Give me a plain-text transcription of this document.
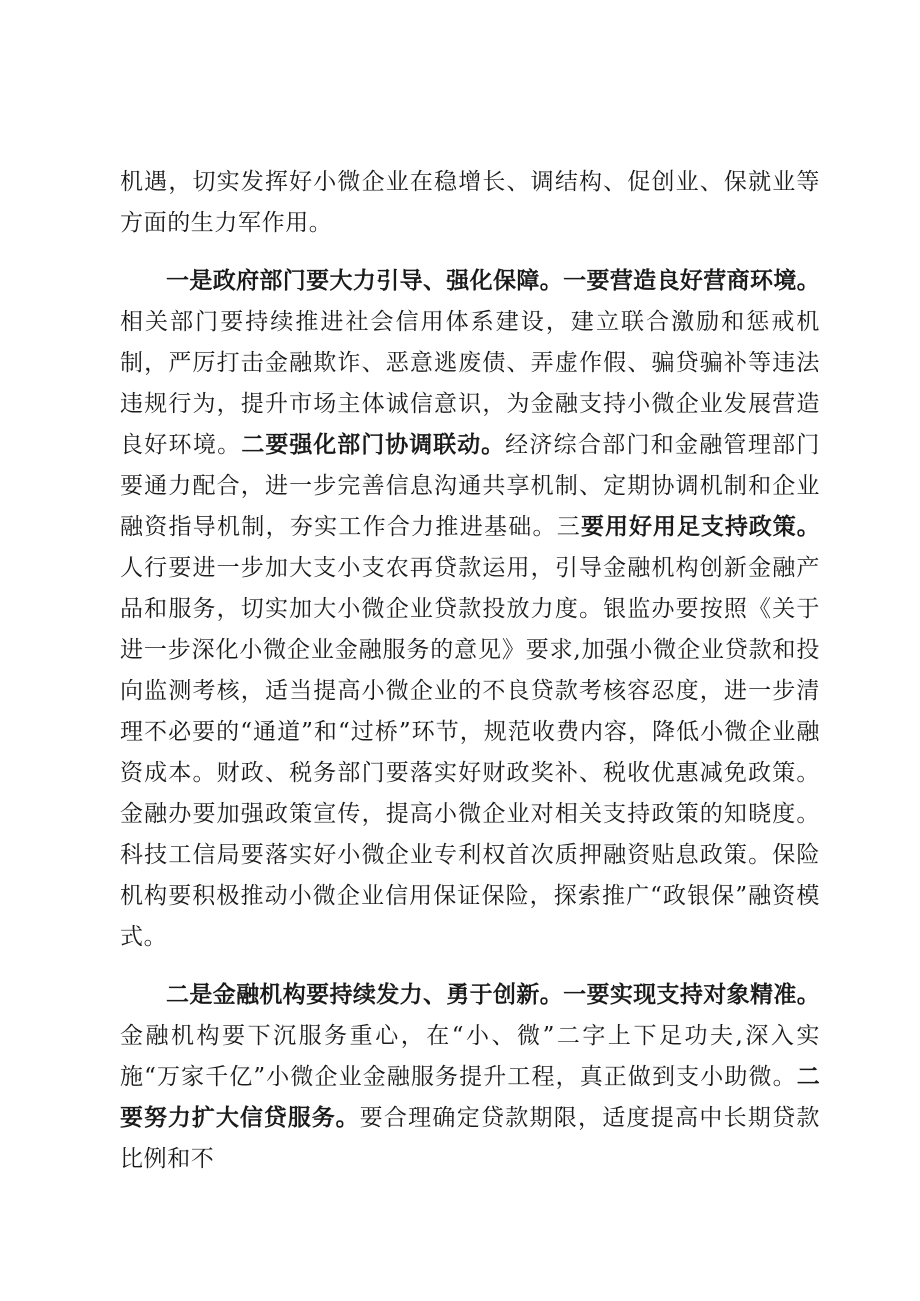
机遇，切实发挥好小微企业在稳增长、调结构、促创业、保就业等方面的生力军作用。

一是政府部门要大力引导、强化保障。一要营造良好营商环境。相关部门要持续推进社会信用体系建设，建立联合激励和惩戒机制，严厉打击金融欺诈、恶意逃废债、弄虚作假、骗贷骗补等违法违规行为，提升市场主体诚信意识，为金融支持小微企业发展营造良好环境。二要强化部门协调联动。经济综合部门和金融管理部门要通力配合，进一步完善信息沟通共享机制、定期协调机制和企业融资指导机制，夯实工作合力推进基础。三要用好用足支持政策。人行要进一步加大支小支农再贷款运用，引导金融机构创新金融产品和服务，切实加大小微企业贷款投放力度。银监办要按照《关于进一步深化小微企业金融服务的意见》要求,加强小微企业贷款和投向监测考核，适当提高小微企业的不良贷款考核容忍度，进一步清理不必要的“通道”和“过桥”环节，规范收费内容，降低小微企业融资成本。财政、税务部门要落实好财政奖补、税收优惠减免政策。金融办要加强政策宣传，提高小微企业对相关支持政策的知晓度。科技工信局要落实好小微企业专利权首次质押融资贴息政策。保险机构要积极推动小微企业信用保证保险，探索推广“政银保”融资模式。

二是金融机构要持续发力、勇于创新。一要实现支持对象精准。金融机构要下沉服务重心，在“小、微”二字上下足功夫,深入实施“万家千亿”小微企业金融服务提升工程，真正做到支小助微。二要努力扩大信贷服务。要合理确定贷款期限，适度提高中长期贷款比例和不
